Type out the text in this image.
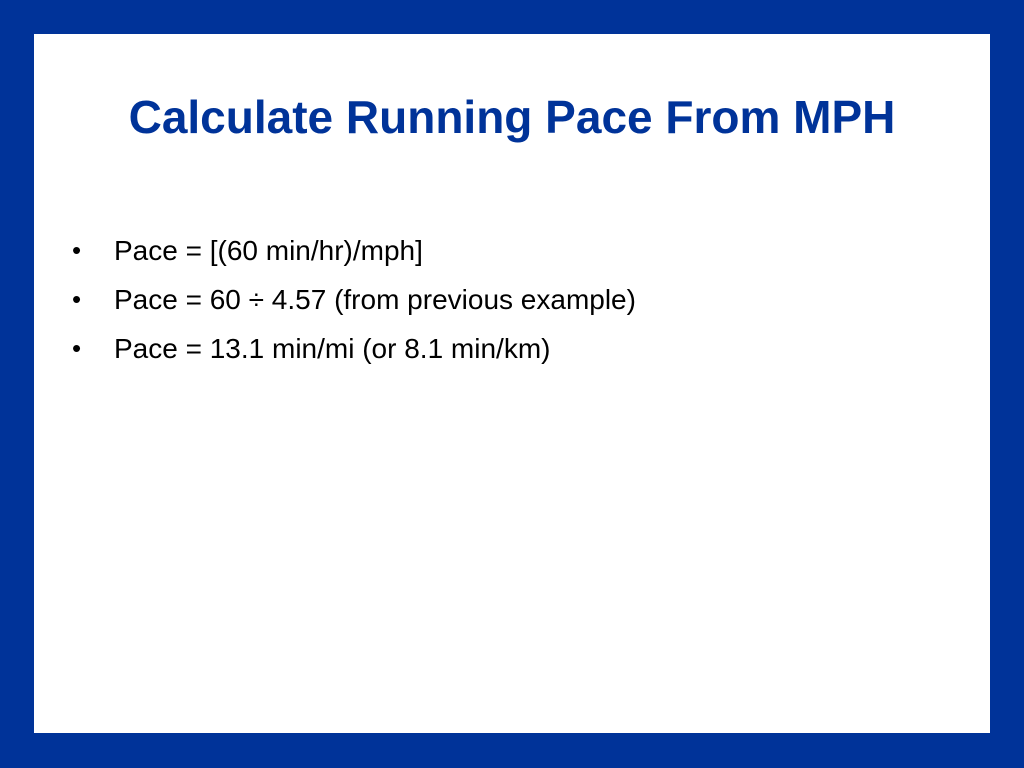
Calculate Running Pace From MPH
•	Pace = [(60 min/hr)/mph]
•	Pace = 60 ÷ 4.57 (from previous example)
•	Pace = 13.1 min/mi (or 8.1 min/km)
